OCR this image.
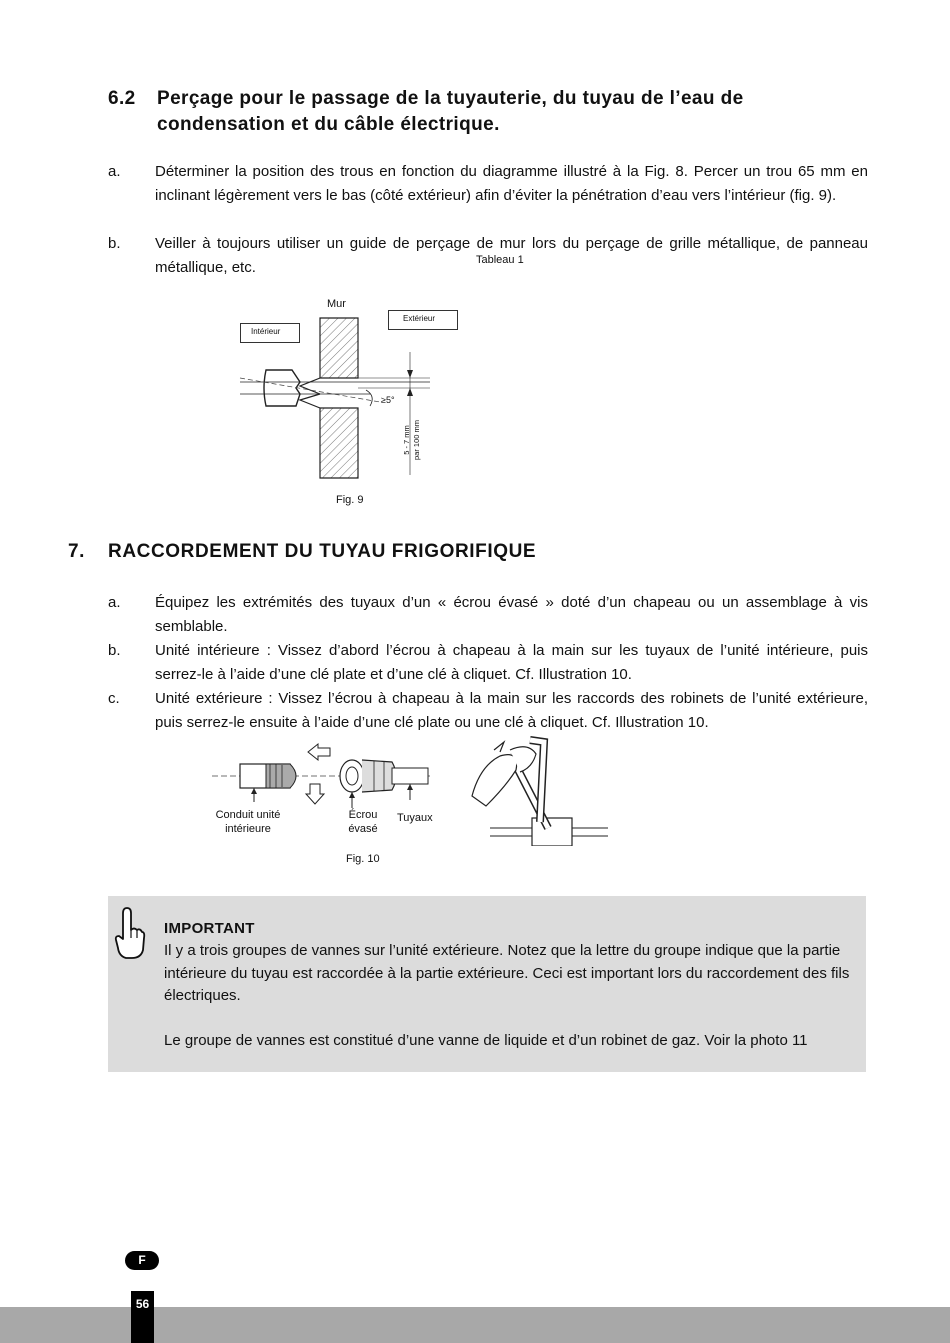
6.2 Perçage pour le passage de la tuyauterie, du tuyau de l’eau de condensation et du câble électrique.
a. Déterminer la position des trous en fonction du diagramme illustré à la Fig. 8. Percer un trou 65 mm en inclinant légèrement vers le bas (côté extérieur) afin d’éviter la pénétration d’eau vers l’intérieur (fig. 9).
b. Veiller à toujours utiliser un guide de perçage de mur lors du perçage de grille métallique, de panneau métallique, etc.	Tableau 1
Mur
Intérieur
Extérieur
≥5°
5 - 7 mm par 100 mm
Fig. 9
7. RACCORDEMENT DU TUYAU FRIGORIFIQUE
a. Équipez les extrémités des tuyaux d’un « écrou évasé » doté d’un chapeau ou un assemblage à vis semblable.
b. Unité intérieure : Vissez d’abord l’écrou à chapeau à la main sur les tuyaux de l’unité intérieure, puis serrez-le à l’aide d’une clé plate et d’une clé à cliquet. Cf. Illustration 10.
c. Unité extérieure : Vissez l’écrou à chapeau à la main sur les raccords des robinets de l’unité extérieure, puis serrez-le ensuite à l’aide d’une clé plate ou une clé à cliquet. Cf. Illustration 10.
Conduit unité
intérieure
Écrou
évasé
Tuyaux
Fig. 10
IMPORTANT

Il y a trois groupes de vannes sur l’unité extérieure. Notez que la lettre du groupe indique que la partie intérieure du tuyau est raccordée à la partie extérieure. Ceci est important lors du raccordement des fils électriques.

Le groupe de vannes est constitué d’une vanne de liquide et d’un robinet de gaz. Voir la photo 11

56
F
